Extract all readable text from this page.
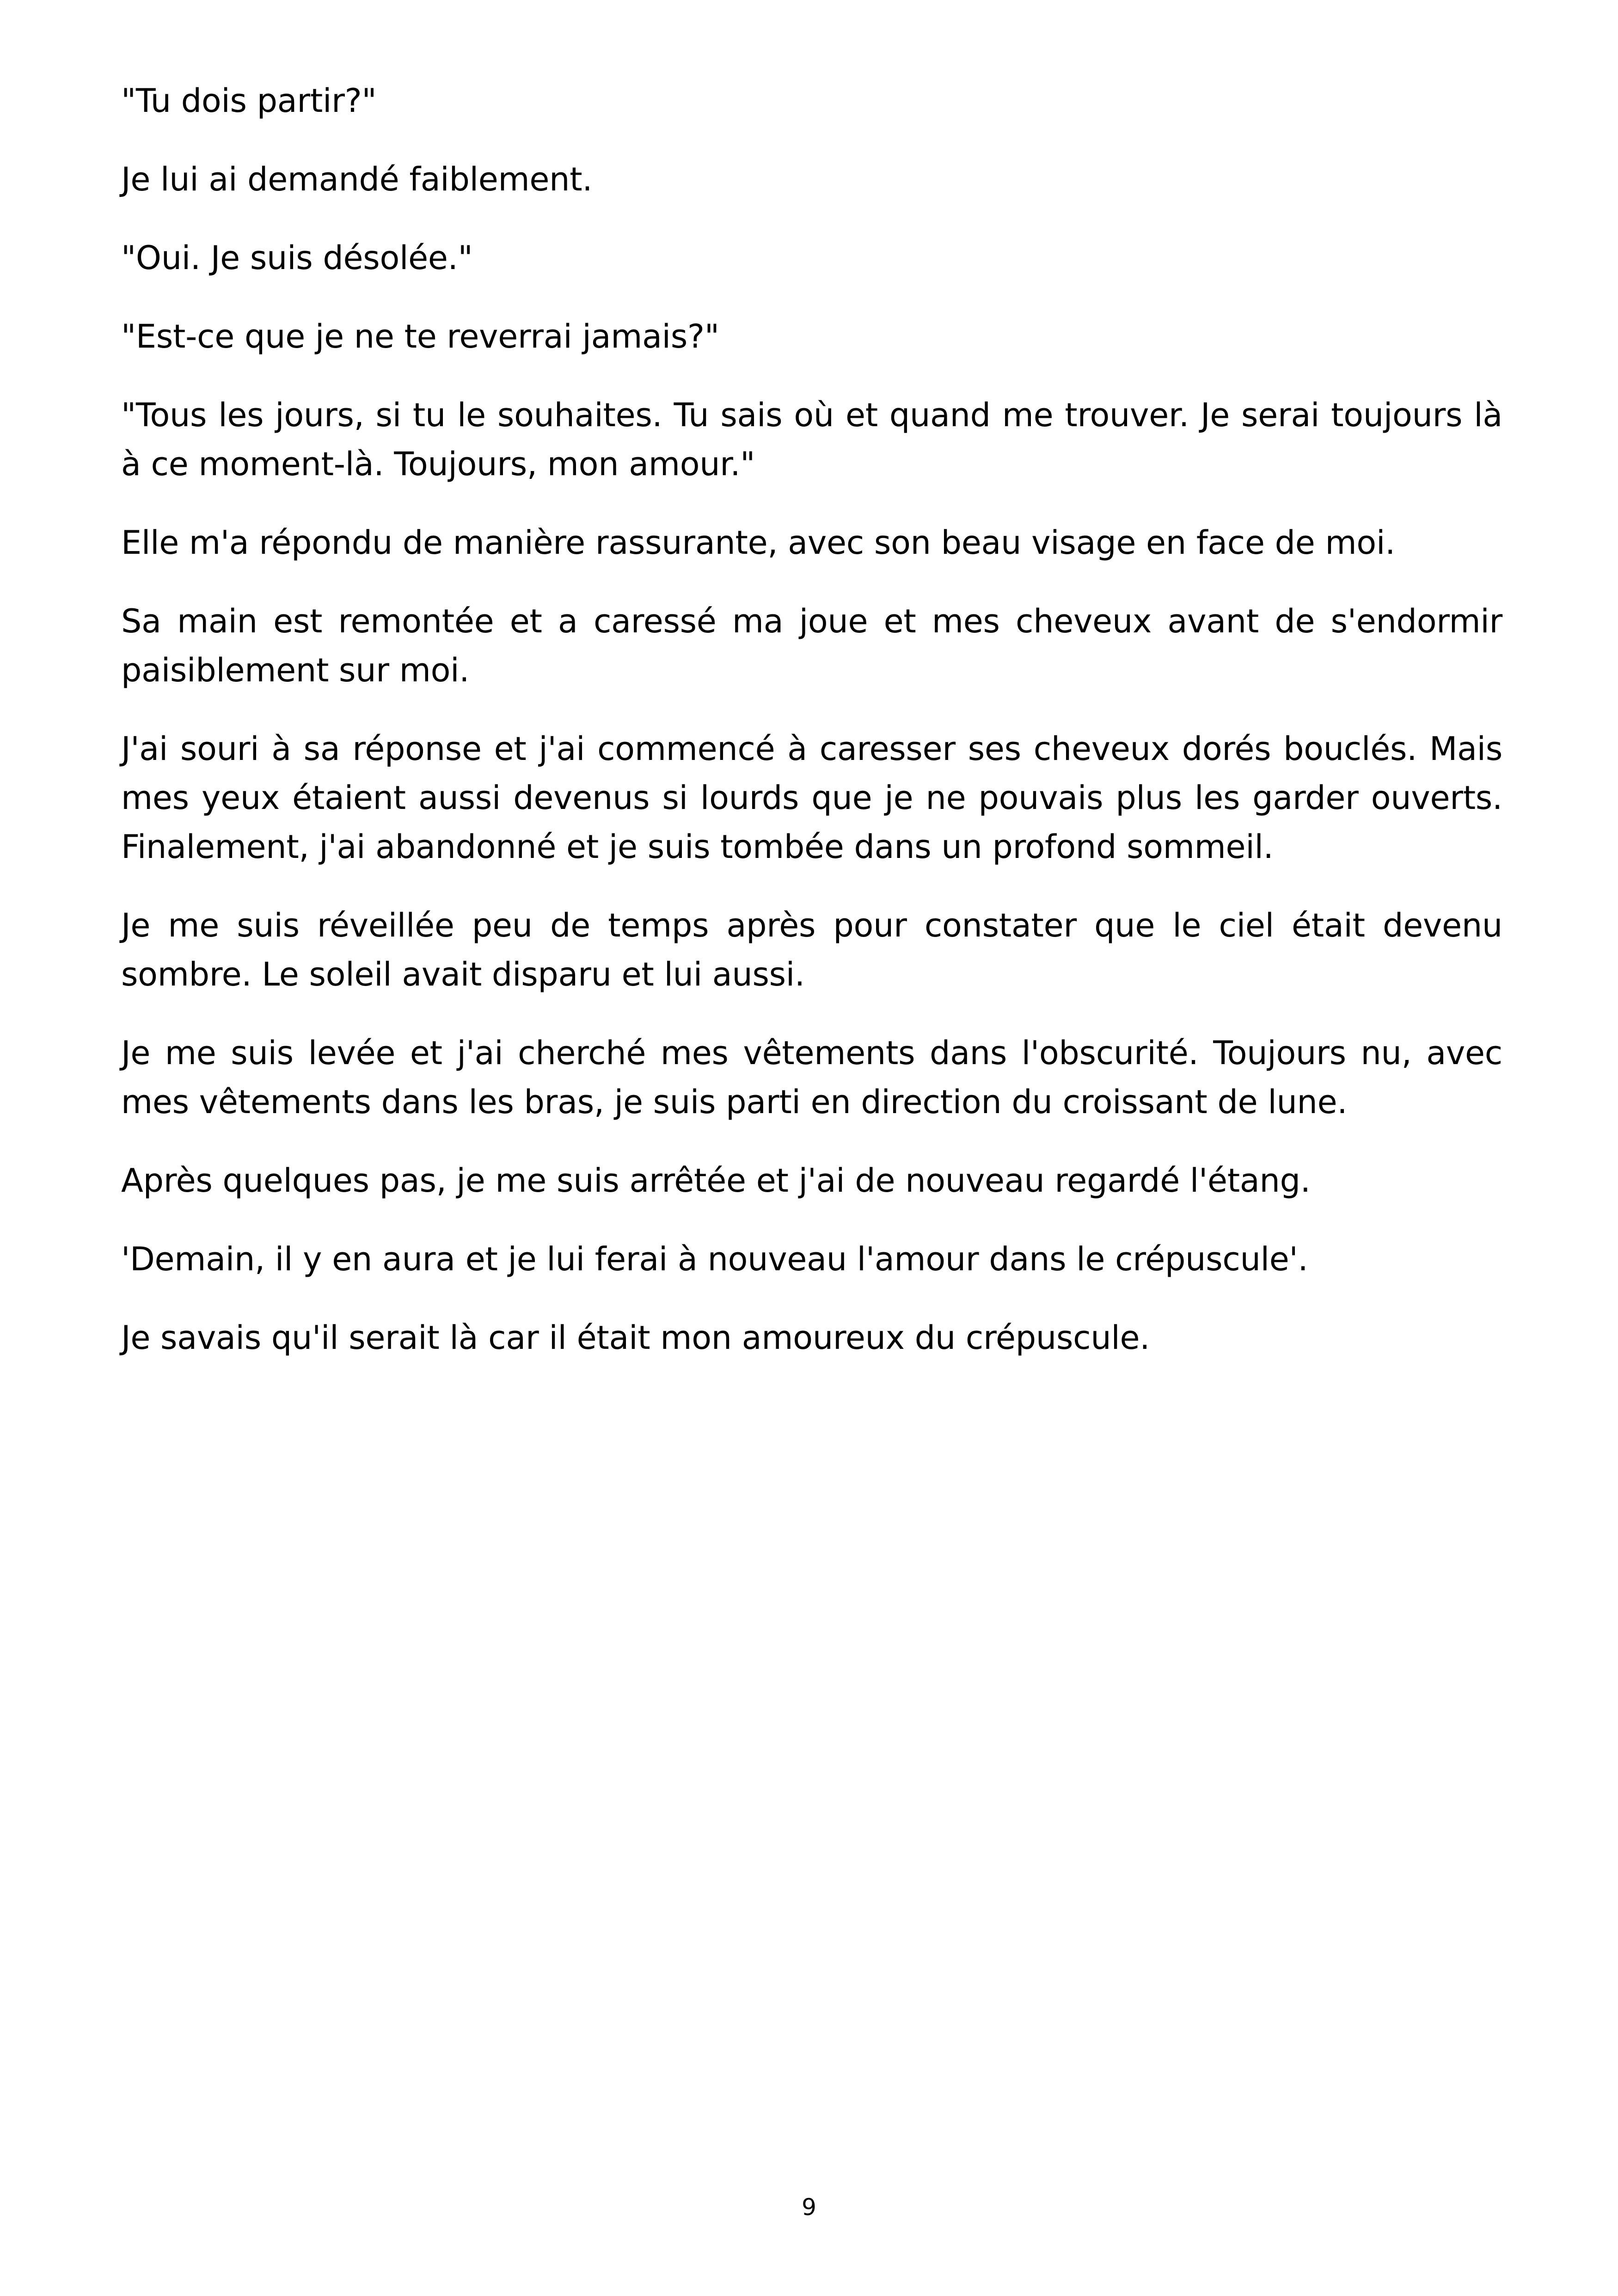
"Tu dois partir?"

Je lui ai demandé faiblement.

"Oui. Je suis désolée."

"Est-ce que je ne te reverrai jamais?"

"Tous les jours, si tu le souhaites. Tu sais où et quand me trouver. Je serai toujours là à ce moment-là. Toujours, mon amour."

Elle m'a répondu de manière rassurante, avec son beau visage en face de moi.

Sa main est remontée et a caressé ma joue et mes cheveux avant de s'endormir paisiblement sur moi.

J'ai souri à sa réponse et j'ai commencé à caresser ses cheveux dorés bouclés. Mais mes yeux étaient aussi devenus si lourds que je ne pouvais plus les garder ouverts. Finalement, j'ai abandonné et je suis tombée dans un profond sommeil.

Je me suis réveillée peu de temps après pour constater que le ciel était devenu sombre. Le soleil avait disparu et lui aussi.

Je me suis levée et j'ai cherché mes vêtements dans l'obscurité. Toujours nu, avec mes vêtements dans les bras, je suis parti en direction du croissant de lune.

Après quelques pas, je me suis arrêtée et j'ai de nouveau regardé l'étang.

'Demain, il y en aura et je lui ferai à nouveau l'amour dans le crépuscule'.

Je savais qu'il serait là car il était mon amoureux du crépuscule.

9
